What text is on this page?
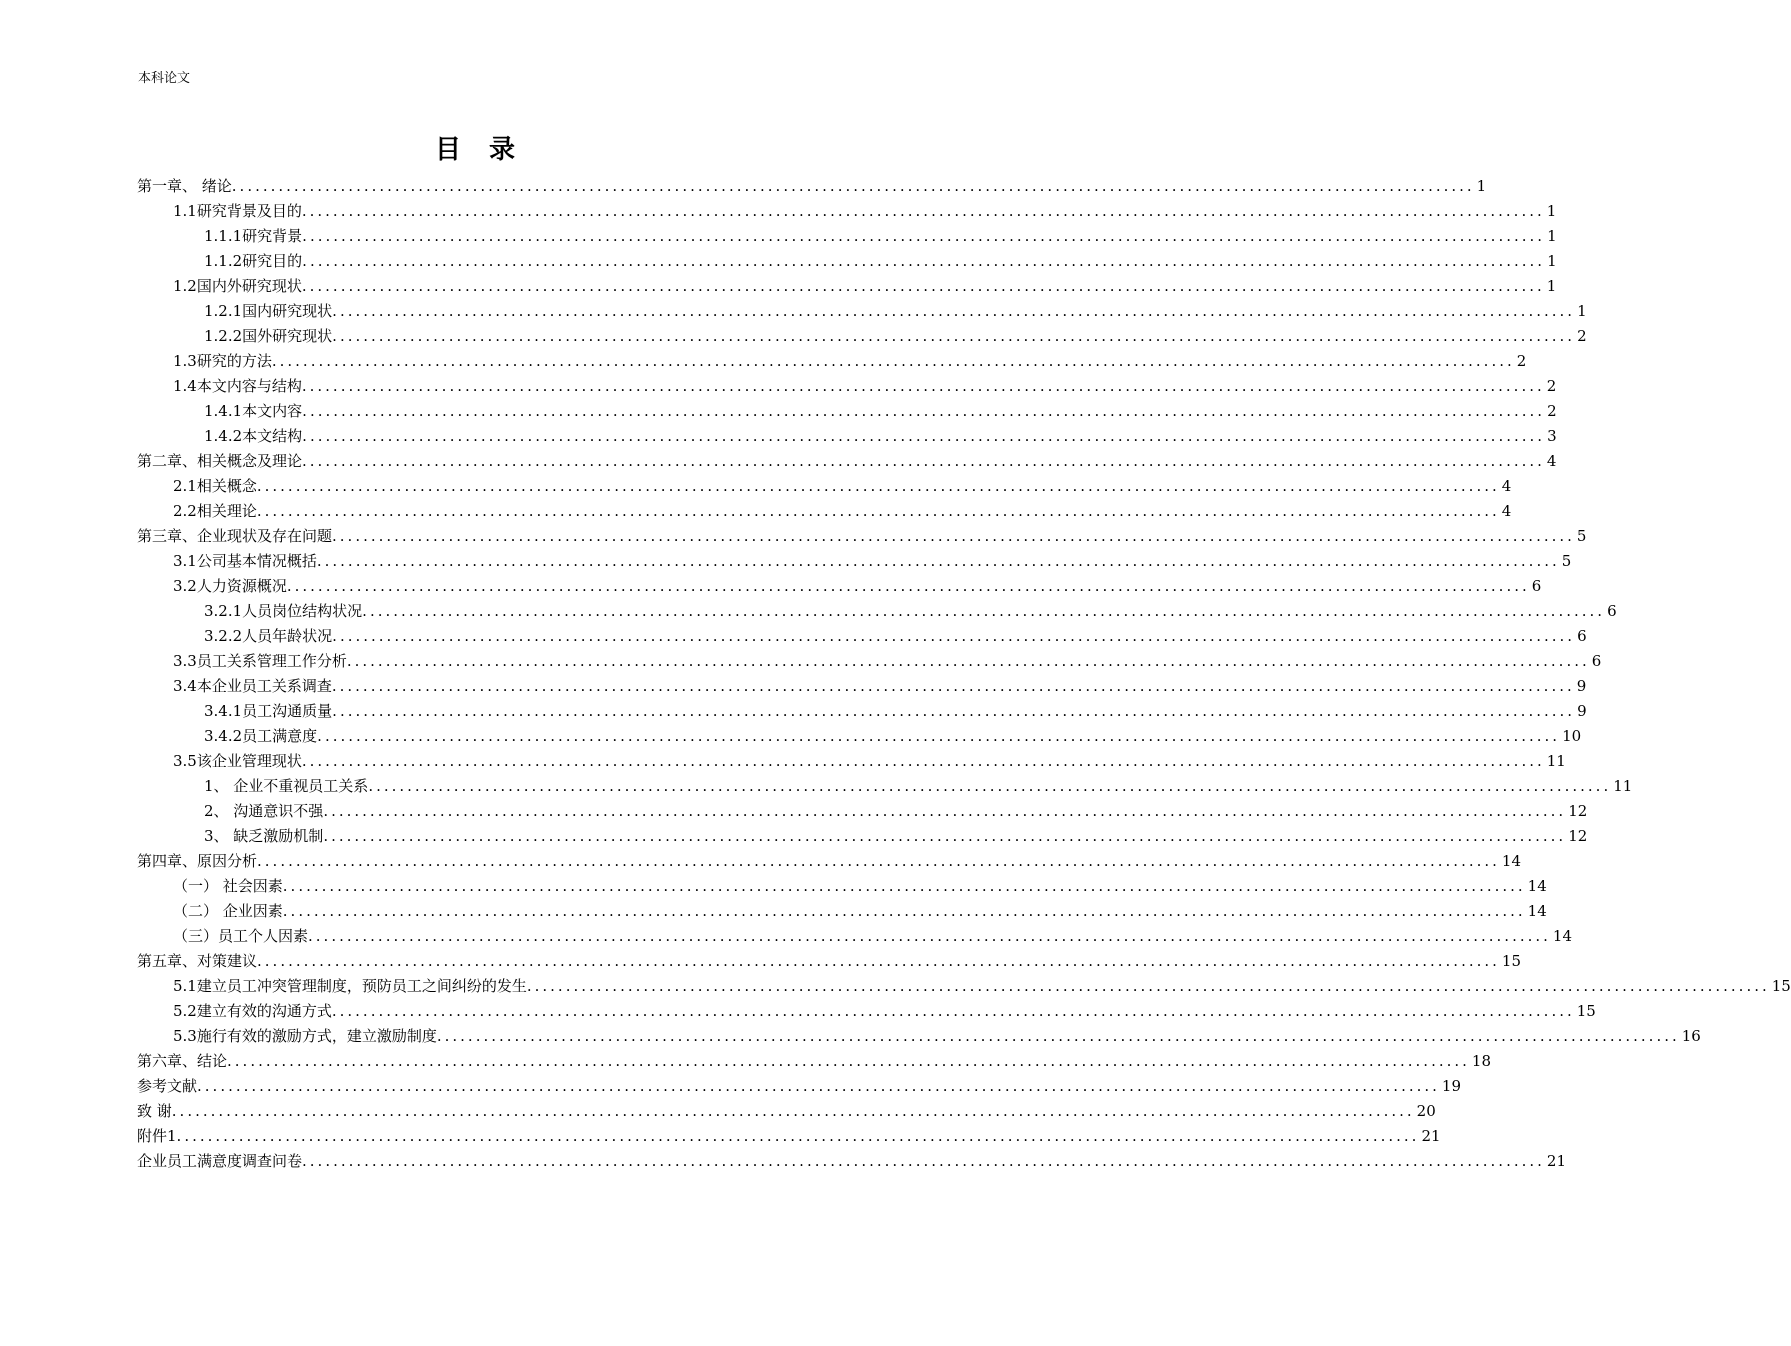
本科论文
目录
第一章、 绪论 ................................................................................................................................................................ 1
1.1研究背景及目的 ................................................................................................................................................................ 1
1.1.1研究背景 ................................................................................................................................................................ 1
1.1.2研究目的 ................................................................................................................................................................ 1
1.2国内外研究现状 ................................................................................................................................................................ 1
1.2.1国内研究现状 ................................................................................................................................................................ 1
1.2.2国外研究现状 ................................................................................................................................................................ 2
1.3研究的方法 ................................................................................................................................................................ 2
1.4本文内容与结构 ................................................................................................................................................................ 2
1.4.1本文内容 ................................................................................................................................................................ 2
1.4.2本文结构 ................................................................................................................................................................ 3
第二章、相关概念及理论 ................................................................................................................................................................ 4
2.1相关概念 ................................................................................................................................................................ 4
2.2相关理论 ................................................................................................................................................................ 4
第三章、企业现状及存在问题 ................................................................................................................................................................ 5
3.1公司基本情况概括 ................................................................................................................................................................ 5
3.2人力资源概况 ................................................................................................................................................................ 6
3.2.1人员岗位结构状况 ................................................................................................................................................................ 6
3.2.2人员年龄状况 ................................................................................................................................................................ 6
3.3员工关系管理工作分析 ................................................................................................................................................................ 6
3.4本企业员工关系调查 ................................................................................................................................................................ 9
3.4.1员工沟通质量 ................................................................................................................................................................ 9
3.4.2员工满意度 ................................................................................................................................................................ 10
3.5该企业管理现状 ................................................................................................................................................................ 11
1、 企业不重视员工关系 ................................................................................................................................................................ 11
2、 沟通意识不强 ................................................................................................................................................................ 12
3、 缺乏激励机制 ................................................................................................................................................................ 12
第四章、原因分析 ................................................................................................................................................................ 14
（一） 社会因素 ................................................................................................................................................................ 14
（二） 企业因素 ................................................................................................................................................................ 14
（三）员工个人因素 ................................................................................................................................................................ 14
第五章、对策建议 ................................................................................................................................................................ 15
5.1建立员工冲突管理制度，预防员工之间纠纷的发生 ................................................................................................................................................................ 15
5.2建立有效的沟通方式 ................................................................................................................................................................ 15
5.3施行有效的激励方式，建立激励制度 ................................................................................................................................................................ 16
第六章、结论 ................................................................................................................................................................ 18
参考文献 ................................................................................................................................................................ 19
致 谢 ................................................................................................................................................................ 20
附件1 ................................................................................................................................................................ 21
企业员工满意度调查问卷 ................................................................................................................................................................ 21
